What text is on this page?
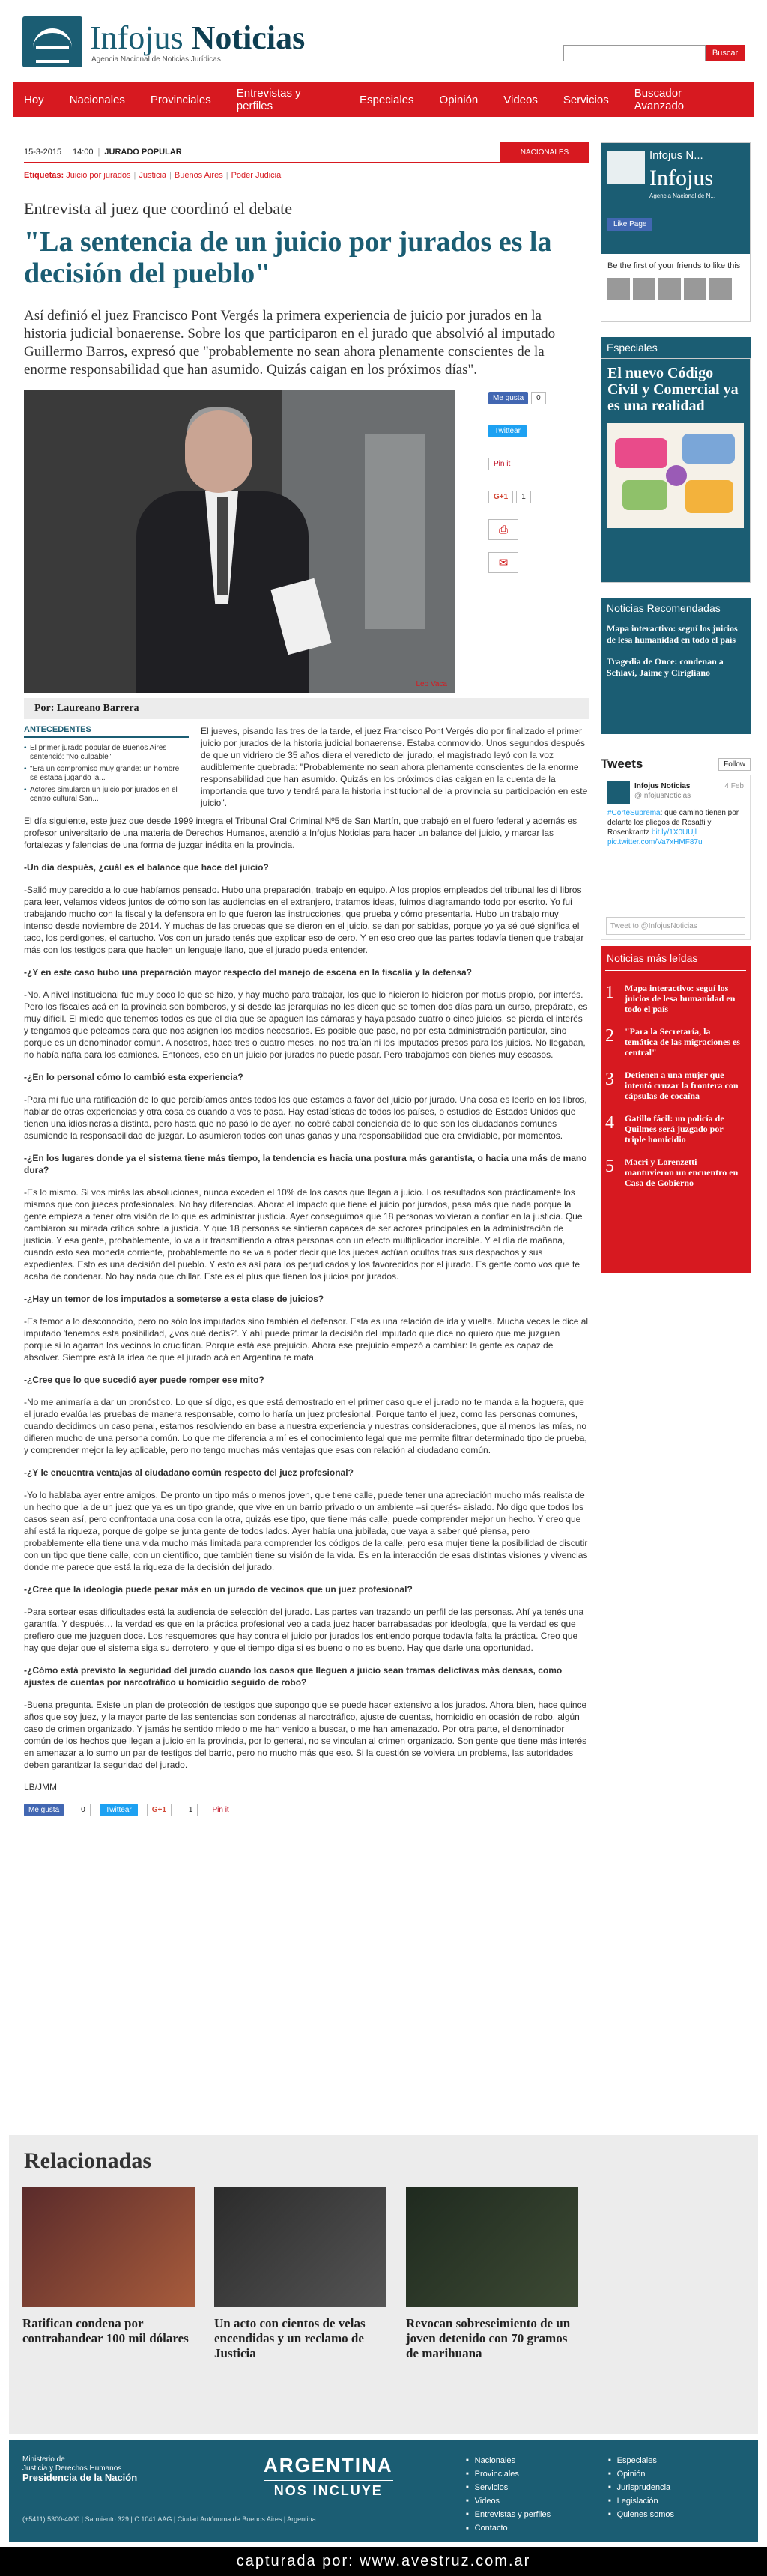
Infojus Noticias
Agencia Nacional de Noticias Jurídicas
Buscar
Hoy Nacionales Provinciales Entrevistas y perfiles	Especiales Opinión Videos Servicios Buscador Avanzado
15-3-2015 | 14:00 | JURADO POPULAR	NACIONALES
Etiquetas: Juicio por jurados | Justicia | Buenos Aires | Poder Judicial
Entrevista al juez que coordinó el debate
"La sentencia de un juicio por jurados es la decisión del pueblo"
Así definió el juez Francisco Pont Vergés la primera experiencia de juicio por jurados en la historia judicial bonaerense. Sobre los que participaron en el jurado que absolvió al imputado Guillermo Barros, expresó que "probablemente no sean ahora plenamente conscientes de la enorme responsabilidad que han asumido. Quizás caigan en los próximos días".
Leo Vaca
Me gusta	0
Twittear
Pin it
G+1	1
⎙
✉
Por: Laureano Barrera
ANTECEDENTES
• El primer jurado popular de Buenos Aires sentenció: "No culpable"
• "Era un compromiso muy grande: un hombre se estaba jugando la...
• Actores simularon un juicio por jurados en el centro cultural San...
El jueves, pisando las tres de la tarde, el juez Francisco Pont Vergés dio por finalizado el primer juicio por jurados de la historia judicial bonaerense. Estaba conmovido. Unos segundos después de que un vidriero de 35 años diera el veredicto del jurado, el magistrado leyó con la voz audiblemente quebrada: "Probablemente no sean ahora plenamente conscientes de la enorme responsabilidad que han asumido. Quizás en los próximos días caigan en la cuenta de la importancia que tuvo y tendrá para la historia institucional de la provincia su participación en este juicio".

El día siguiente, este juez que desde 1999 integra el Tribunal Oral Criminal Nº5 de San Martín, que trabajó en el fuero federal y además es profesor universitario de una materia de Derechos Humanos, atendió a Infojus Noticias para hacer un balance del juicio, y marcar las fortalezas y falencias de una forma de juzgar inédita en la provincia.

-Un día después, ¿cuál es el balance que hace del juicio?

-Salió muy parecido a lo que habíamos pensado. Hubo una preparación, trabajo en equipo. A los propios empleados del tribunal les di libros para leer, velamos videos juntos de cómo son las audiencias en el extranjero, tratamos ideas, fuimos diagramando todo por escrito. Yo fui trabajando mucho con la fiscal y la defensora en lo que fueron las instrucciones, que prueba y cómo presentarla. Hubo un trabajo muy intenso desde noviembre de 2014. Y muchas de las pruebas que se dieron en el juicio, se dan por sabidas, porque yo ya sé qué significa el taco, los perdigones, el cartucho. Vos con un jurado tenés que explicar eso de cero. Y en eso creo que las partes todavía tienen que trabajar más con los testigos para que hablen un lenguaje llano, que el jurado pueda entender.

-¿Y en este caso hubo una preparación mayor respecto del manejo de escena en la fiscalía y la defensa?

-No. A nivel institucional fue muy poco lo que se hizo, y hay mucho para trabajar, los que lo hicieron lo hicieron por motus propio, por interés. Pero los fiscales acá en la provincia son bomberos, y si desde las jerarquías no les dicen que se tomen dos días para un curso, prepárate, es muy difícil. El miedo que tenemos todos es que el día que se apaguen las cámaras y haya pasado cuatro o cinco juicios, se pierda el interés y tengamos que peleamos para que nos asignen los medios necesarios. Es posible que pase, no por esta administración particular, sino porque es un denominador común. A nosotros, hace tres o cuatro meses, no nos traían ni los imputados presos para los juicios. No llegaban, no había nafta para los camiones. Entonces, eso en un juicio por jurados no puede pasar. Pero trabajamos con bienes muy escasos.

-¿En lo personal cómo lo cambió esta experiencia?

-Para mí fue una ratificación de lo que percibíamos antes todos los que estamos a favor del juicio por jurado. Una cosa es leerlo en los libros, hablar de otras experiencias y otra cosa es cuando a vos te pasa. Hay estadísticas de todos los países, o estudios de Estados Unidos que tienen una idiosincrasia distinta, pero hasta que no pasó lo de ayer, no cobré cabal conciencia de lo que son los ciudadanos comunes asumiendo la responsabilidad de juzgar. Lo asumieron todos con unas ganas y una responsabilidad que era envidiable, por momentos.

-¿En los lugares donde ya el sistema tiene más tiempo, la tendencia es hacia una postura más garantista, o hacia una más de mano dura?

-Es lo mismo. Si vos mirás las absoluciones, nunca exceden el 10% de los casos que llegan a juicio. Los resultados son prácticamente los mismos que con jueces profesionales. No hay diferencias. Ahora: el impacto que tiene el juicio por jurados, pasa más que nada porque la gente empieza a tener otra visión de lo que es administrar justicia. Ayer conseguimos que 18 personas volvieran a confiar en la justicia. Que cambiaron su mirada crítica sobre la justicia. Y que 18 personas se sintieran capaces de ser actores principales en la administración de justicia. Y esa gente, probablemente, lo va a ir transmitiendo a otras personas con un efecto multiplicador increíble. Y el día de mañana, cuando esto sea moneda corriente, probablemente no se va a poder decir que los jueces actúan ocultos tras sus despachos y sus expedientes. Esto es una decisión del pueblo. Y esto es así para los perjudicados y los favorecidos por el jurado. Es gente como vos que te acaba de condenar. No hay nada que chillar. Este es el plus que tienen los juicios por jurados.

-¿Hay un temor de los imputados a someterse a esta clase de juicios?

-Es temor a lo desconocido, pero no sólo los imputados sino también el defensor. Esta es una relación de ida y vuelta. Mucha veces le dice al imputado 'tenemos esta posibilidad, ¿vos qué decís?'. Y ahí puede primar la decisión del imputado que dice no quiero que me juzguen porque si lo agarran los vecinos lo crucifican. Porque está ese prejuicio. Ahora ese prejuicio empezó a cambiar: la gente es capaz de absolver. Siempre está la idea de que el jurado acá en Argentina te mata.

-¿Cree que lo que sucedió ayer puede romper ese mito?

-No me animaría a dar un pronóstico. Lo que sí digo, es que está demostrado en el primer caso que el jurado no te manda a la hoguera, que el jurado evalúa las pruebas de manera responsable, como lo haría un juez profesional. Porque tanto el juez, como las personas comunes, cuando decidimos un caso penal, estamos resolviendo en base a nuestra experiencia y nuestras consideraciones, que al menos las mías, no difieren mucho de una persona común. Lo que me diferencia a mí es el conocimiento legal que me permite filtrar determinado tipo de prueba, y comprender mejor la ley aplicable, pero no tengo muchas más ventajas que esas con relación al ciudadano común.

-¿Y le encuentra ventajas al ciudadano común respecto del juez profesional?

-Yo lo hablaba ayer entre amigos. De pronto un tipo más o menos joven, que tiene calle, puede tener una apreciación mucho más realista de un hecho que la de un juez que ya es un tipo grande, que vive en un barrio privado o un ambiente –si querés- aislado. No digo que todos los casos sean así, pero confrontada una cosa con la otra, quizás ese tipo, que tiene más calle, puede comprender mejor un hecho. Y creo que ahí está la riqueza, porque de golpe se junta gente de todos lados. Ayer había una jubilada, que vaya a saber qué piensa, pero probablemente ella tiene una vida mucho más limitada para comprender los códigos de la calle, pero esa mujer tiene la posibilidad de discutir con un tipo que tiene calle, con un científico, que también tiene su visión de la vida. Es en la interacción de esas distintas visiones y vivencias donde me parece que está la riqueza de la decisión del jurado.

-¿Cree que la ideología puede pesar más en un jurado de vecinos que un juez profesional?

-Para sortear esas dificultades está la audiencia de selección del jurado. Las partes van trazando un perfil de las personas. Ahí ya tenés una garantía. Y después… la verdad es que en la práctica profesional veo a cada juez hacer barrabasadas por ideología, que la verdad es que prefiero que me juzguen doce. Los resquemores que hay contra el juicio por jurados los entiendo porque todavía falta la práctica. Creo que hay que dejar que el sistema siga su derrotero, y que el tiempo diga si es bueno o no es bueno. Hay que darle una oportunidad.

-¿Cómo está previsto la seguridad del jurado cuando los casos que lleguen a juicio sean tramas delictivas más densas, como ajustes de cuentas por narcotráfico u homicidio seguido de robo?

-Buena pregunta. Existe un plan de protección de testigos que supongo que se puede hacer extensivo a los jurados. Ahora bien, hace quince años que soy juez, y la mayor parte de las sentencias son condenas al narcotráfico, ajuste de cuentas, homicidio en ocasión de robo, algún caso de crimen organizado. Y jamás he sentido miedo o me han venido a buscar, o me han amenazado. Por otra parte, el denominador común de los hechos que llegan a juicio en la provincia, por lo general, no se vinculan al crimen organizado. Son gente que tiene más interés en amenazar a lo sumo un par de testigos del barrio, pero no mucho más que eso. Si la cuestión se volviera un problema, las autoridades deben garantizar la seguridad del jurado.

LB/JMM

Me gusta	0	Twittear	G+1	1	Pin it
Infojus N...
Infojus
Agencia Nacional de N...
Like Page
Be the first of your friends to like this
Especiales
El nuevo Código Civil y Comercial ya es una realidad
Noticias Recomendadas
Mapa interactivo: seguí los juicios de lesa humanidad en todo el país
Tragedia de Once: condenan a Schiavi, Jaime y Cirigliano
Tweets	Follow
Infojus Noticias	4 Feb
@InfojusNoticias
#CorteSuprema: que camino tienen por delante los pliegos de Rosatti y Rosenkrantz bit.ly/1X0UUjl pic.twitter.com/Va7xHMF87u
Tweet to @InfojusNoticias
Noticias más leídas
1	Mapa interactivo: seguí los juicios de lesa humanidad en todo el país
2	"Para la Secretaría, la temática de las migraciones es central"
3	Detienen a una mujer que intentó cruzar la frontera con cápsulas de cocaína
4	Gatillo fácil: un policía de Quilmes será juzgado por triple homicidio
5	Macri y Lorenzetti mantuvieron un encuentro en Casa de Gobierno
Relacionadas
Ratifican condena por contrabandear 100 mil dólares
Un acto con cientos de velas encendidas y un reclamo de Justicia
Revocan sobreseimiento de un joven detenido con 70 gramos de marihuana
Ministerio de
Justicia y Derechos Humanos
Presidencia de la Nación
(+5411) 5300-4000 | Sarmiento 329 | C 1041 AAG | Ciudad Autónoma de Buenos Aires | Argentina
ARGENTINA
NOS INCLUYE
■ Nacionales
■ Provinciales
■ Servicios
■ Videos
■ Entrevistas y perfiles
■ Contacto
■ Especiales
■ Opinión
■ Jurisprudencia
■ Legislación
■ Quienes somos
capturada por: www.avestruz.com.ar
